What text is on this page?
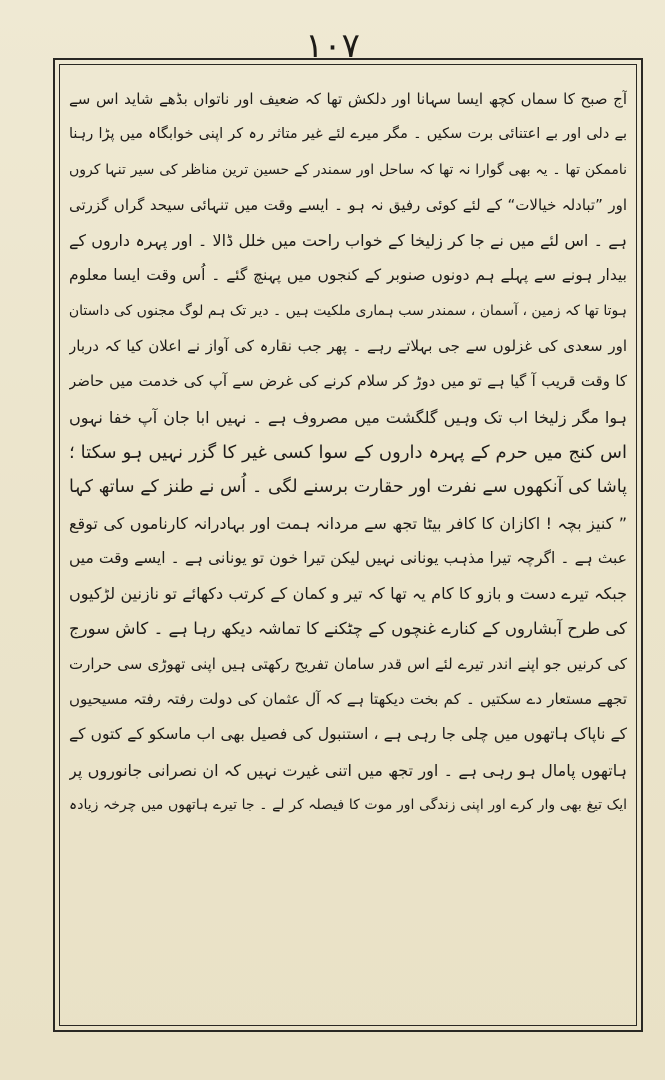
١٠٧
آج صبح کا سماں کچھ ایسا سہانا اور دلکش تھا کہ ضعیف اور ناتواں بڈھے شاید اس سے
بے دلی اور بے اعتنائی برت سکیں ۔ مگر میرے لئے غیر متاثر رہ کر اپنی خوابگاہ میں پڑا رہنا
ناممکن تھا ۔ یہ بھی گوارا نہ تھا کہ ساحل اور سمندر کے حسین ترین مناظر کی سیر تنہا کروں
اور ”تبادلہ خیالات“ کے لئے کوئی رفیق نہ ہو ۔ ایسے وقت میں تنہائی سیحد گراں گزرتی
ہے ۔ اس لئے میں نے جا کر زلیخا کے خواب راحت میں خلل ڈالا ۔ اور پہرہ داروں کے
بیدار ہونے سے پہلے ہم دونوں صنوبر کے کنجوں میں پہنچ گئے ۔ اُس وقت ایسا معلوم
ہوتا تھا کہ زمین ، آسمان ، سمندر سب ہماری ملکیت ہیں ۔ دیر تک ہم لوگ مجنوں کی داستان
اور سعدی کی غزلوں سے جی بہلاتے رہے ۔ پھر جب نقارہ کی آواز نے اعلان کیا کہ دربار
کا وقت قریب آ گیا ہے تو میں دوڑ کر سلام کرنے کی غرض سے آپ کی خدمت میں حاضر
ہوا مگر زلیخا اب تک وہیں گلگشت میں مصروف ہے ۔ نہیں ابا جان آپ خفا نہوں
اس کنج میں حرم کے پہرہ داروں کے سوا کسی غیر کا گزر نہیں ہو سکتا ؛
پاشا کی آنکھوں سے نفرت اور حقارت برسنے لگی ۔ اُس نے طنز کے ساتھ کہا
” کنیز بچہ ! اکازان کا کافر بیٹا تجھ سے مردانہ ہمت اور بہادرانہ کارناموں کی توقع
عبث ہے ۔ اگرچہ تیرا مذہب یونانی نہیں لیکن تیرا خون تو یونانی ہے ۔ ایسے وقت میں
جبکہ تیرے دست و بازو کا کام یہ تھا کہ تیر و کمان کے کرتب دکھائے تو نازنین لڑکیوں
کی طرح آبشاروں کے کنارے غنچوں کے چٹکنے کا تماشہ دیکھ رہا ہے ۔ کاش سورج
کی کرنیں جو اپنے اندر تیرے لئے اس قدر سامان تفریح رکھتی ہیں اپنی تھوڑی سی حرارت
تجھے مستعار دے سکتیں ۔ کم بخت دیکھتا ہے کہ آل عثمان کی دولت رفتہ رفتہ مسیحیوں
کے ناپاک ہاتھوں میں چلی جا رہی ہے ، استنبول کی فصیل بھی اب ماسکو کے کتوں کے
ہاتھوں پامال ہو رہی ہے ۔ اور تجھ میں اتنی غیرت نہیں کہ ان نصرانی جانوروں پر
ایک تیغ بھی وار کرے اور اپنی زندگی اور موت کا فیصلہ کر لے ۔ جا تیرے ہاتھوں میں چرخہ زیادہ
